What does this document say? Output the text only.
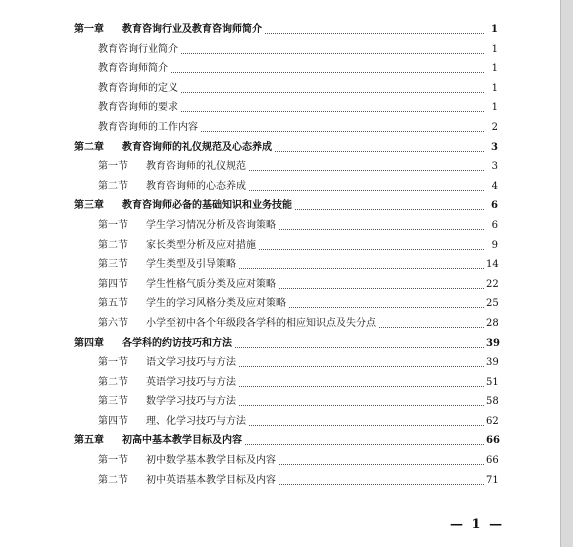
第一章 教育咨询行业及教育咨询师简介	1
教育咨询行业简介	1
教育咨询师简介	1
教育咨询师的定义	1
教育咨询师的要求	1
教育咨询师的工作内容	2
第二章 教育咨询师的礼仪规范及心态养成	3
第一节 教育咨询师的礼仪规范	3
第二节 教育咨询师的心态养成	4
第三章 教育咨询师必备的基础知识和业务技能	6
第一节 学生学习情况分析及咨询策略	6
第二节 家长类型分析及应对措施	9
第三节 学生类型及引导策略	14
第四节 学生性格气质分类及应对策略	22
第五节 学生的学习风格分类及应对策略	25
第六节 小学至初中各个年级段各学科的相应知识点及失分点	28
第四章 各学科的约访技巧和方法	39
第一节 语文学习技巧与方法	39
第二节 英语学习技巧与方法	51
第三节 数学学习技巧与方法	58
第四节 理、化学习技巧与方法	62
第五章 初高中基本教学目标及内容	66
第一节 初中数学基本教学目标及内容	66
第二节 初中英语基本教学目标及内容	71
— 1 —
